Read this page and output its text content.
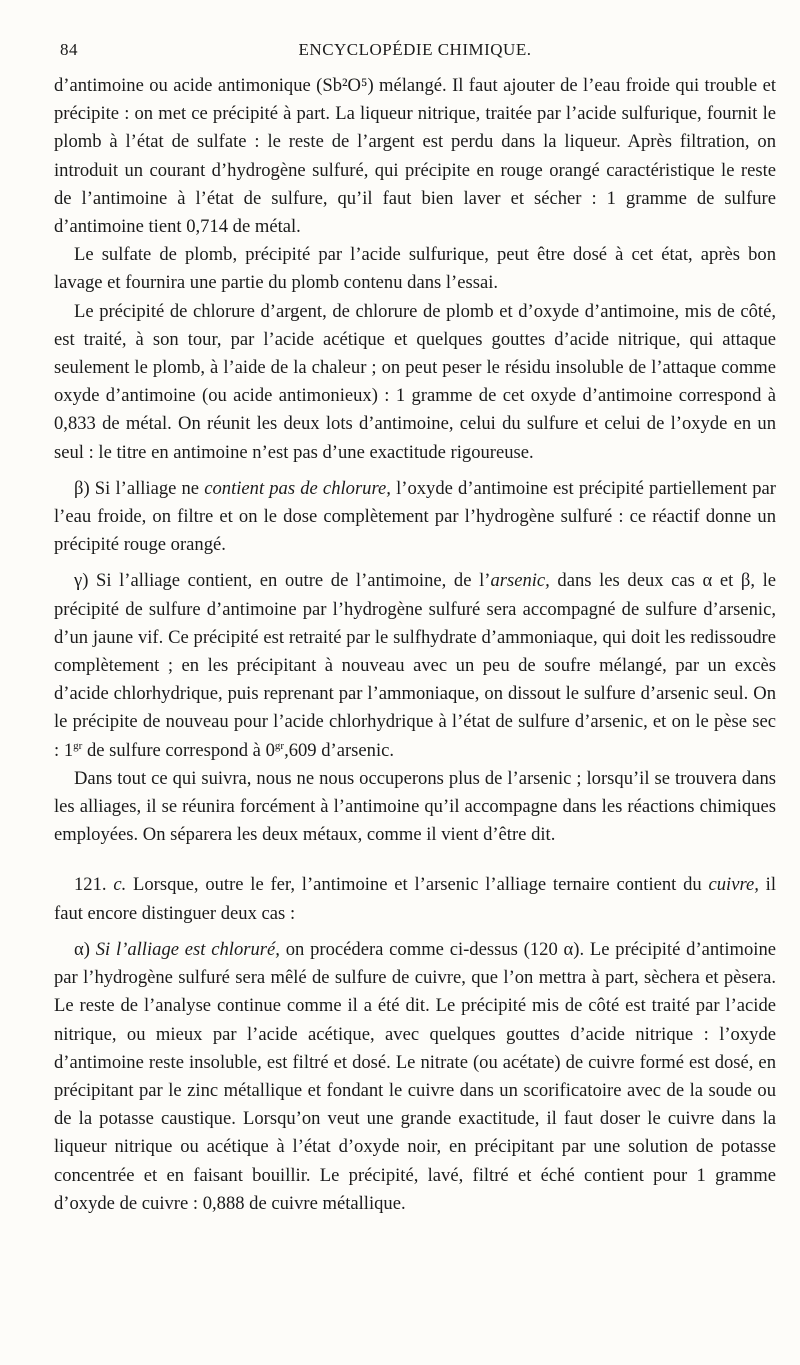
84	ENCYCLOPÉDIE CHIMIQUE.

d’antimoine ou acide antimonique (Sb²O⁵) mélangé. Il faut ajouter de l’eau froide qui trouble et précipite : on met ce précipité à part. La liqueur nitrique, traitée par l’acide sulfurique, fournit le plomb à l’état de sulfate : le reste de l’argent est perdu dans la liqueur. Après filtration, on introduit un courant d’hydrogène sulfuré, qui précipite en rouge orangé caractéristique le reste de l’antimoine à l’état de sulfure, qu’il faut bien laver et sécher : 1 gramme de sulfure d’antimoine tient 0,714 de métal.

Le sulfate de plomb, précipité par l’acide sulfurique, peut être dosé à cet état, après bon lavage et fournira une partie du plomb contenu dans l’essai.

Le précipité de chlorure d’argent, de chlorure de plomb et d’oxyde d’antimoine, mis de côté, est traité, à son tour, par l’acide acétique et quelques gouttes d’acide nitrique, qui attaque seulement le plomb, à l’aide de la chaleur ; on peut peser le résidu insoluble de l’attaque comme oxyde d’antimoine (ou acide antimonieux) : 1 gramme de cet oxyde d’antimoine correspond à 0,833 de métal. On réunit les deux lots d’antimoine, celui du sulfure et celui de l’oxyde en un seul : le titre en antimoine n’est pas d’une exactitude rigoureuse.

β) Si l’alliage ne contient pas de chlorure, l’oxyde d’antimoine est précipité partiellement par l’eau froide, on filtre et on le dose complètement par l’hydrogène sulfuré : ce réactif donne un précipité rouge orangé.

γ) Si l’alliage contient, en outre de l’antimoine, de l’arsenic, dans les deux cas α et β, le précipité de sulfure d’antimoine par l’hydrogène sulfuré sera accompagné de sulfure d’arsenic, d’un jaune vif. Ce précipité est retraité par le sulfhydrate d’ammoniaque, qui doit les redissoudre complètement ; en les précipitant à nouveau avec un peu de soufre mélangé, par un excès d’acide chlorhydrique, puis reprenant par l’ammoniaque, on dissout le sulfure d’arsenic seul. On le précipite de nouveau pour l’acide chlorhydrique à l’état de sulfure d’arsenic, et on le pèse sec : $1^{gr}$ de sulfure correspond à $0^{gr},609$ d’arsenic.

Dans tout ce qui suivra, nous ne nous occuperons plus de l’arsenic ; lorsqu’il se trouvera dans les alliages, il se réunira forcément à l’antimoine qu’il accompagne dans les réactions chimiques employées. On séparera les deux métaux, comme il vient d’être dit.

121. c. Lorsque, outre le fer, l’antimoine et l’arsenic l’alliage ternaire contient du cuivre, il faut encore distinguer deux cas :

α) Si l’alliage est chloruré, on procédera comme ci-dessus (120 α). Le précipité d’antimoine par l’hydrogène sulfuré sera mêlé de sulfure de cuivre, que l’on mettra à part, sèchera et pèsera. Le reste de l’analyse continue comme il a été dit. Le précipité mis de côté est traité par l’acide nitrique, ou mieux par l’acide acétique, avec quelques gouttes d’acide nitrique : l’oxyde d’antimoine reste insoluble, est filtré et dosé. Le nitrate (ou acétate) de cuivre formé est dosé, en précipitant par le zinc métallique et fondant le cuivre dans un scorificatoire avec de la soude ou de la potasse caustique. Lorsqu’on veut une grande exactitude, il faut doser le cuivre dans la liqueur nitrique ou acétique à l’état d’oxyde noir, en précipitant par une solution de potasse concentrée et en faisant bouillir. Le précipité, lavé, filtré et éché contient pour 1 gramme d’oxyde de cuivre : 0,888 de cuivre métallique.
